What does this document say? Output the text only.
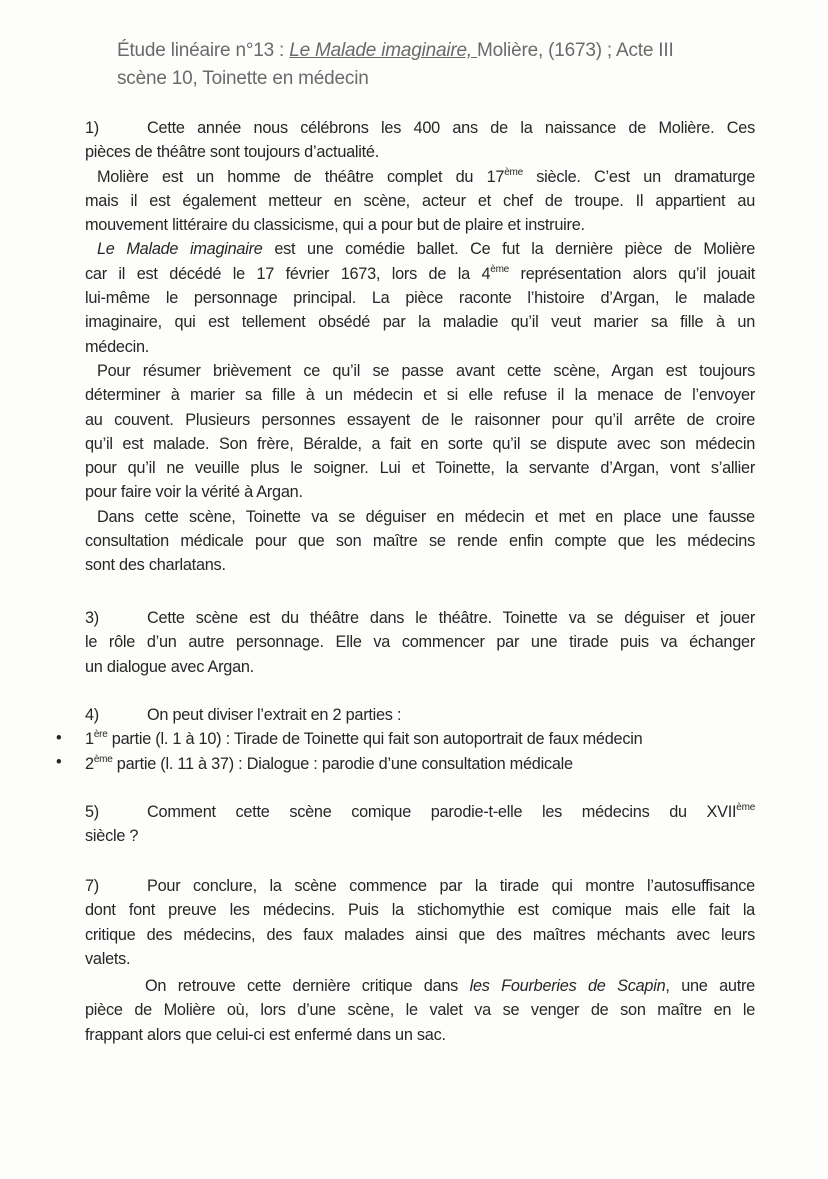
Étude linéaire n°13 : Le Malade imaginaire, Molière, (1673) ; Acte III
scène 10, Toinette en médecin
1)	Cette année nous célébrons les 400 ans de la naissance de Molière. Ces
pièces de théâtre sont toujours d’actualité.
Molière est un homme de théâtre complet du 17ème siècle. C’est un dramaturge
mais il est également metteur en scène, acteur et chef de troupe. Il appartient au
mouvement littéraire du classicisme, qui a pour but de plaire et instruire.
Le Malade imaginaire est une comédie ballet. Ce fut la dernière pièce de Molière
car il est décédé le 17 février 1673, lors de la 4ème représentation alors qu’il jouait
lui-même le personnage principal. La pièce raconte l’histoire d’Argan, le malade
imaginaire, qui est tellement obsédé par la maladie qu’il veut marier sa fille à un
médecin.
Pour résumer brièvement ce qu’il se passe avant cette scène, Argan est toujours
déterminer à marier sa fille à un médecin et si elle refuse il la menace de l’envoyer
au couvent. Plusieurs personnes essayent de le raisonner pour qu’il arrête de croire
qu’il est malade. Son frère, Béralde, a fait en sorte qu’il se dispute avec son médecin
pour qu’il ne veuille plus le soigner. Lui et Toinette, la servante d’Argan, vont s’allier
pour faire voir la vérité à Argan.
Dans cette scène, Toinette va se déguiser en médecin et met en place une fausse
consultation médicale pour que son maître se rende enfin compte que les médecins
sont des charlatans.
3)	Cette scène est du théâtre dans le théâtre. Toinette va se déguiser et jouer
le rôle d’un autre personnage. Elle va commencer par une tirade puis va échanger
un dialogue avec Argan.
4)	On peut diviser l’extrait en 2 parties :
1ère partie (l. 1 à 10) : Tirade de Toinette qui fait son autoportrait de faux médecin
2ème partie (l. 11 à 37) : Dialogue : parodie d’une consultation médicale
•
•
5)	Comment cette scène comique parodie-t-elle les médecins du XVIIème
siècle ?
7)	Pour conclure, la scène commence par la tirade qui montre l’autosuffisance
dont font preuve les médecins. Puis la stichomythie est comique mais elle fait la
critique des médecins, des faux malades ainsi que des maîtres méchants avec leurs
valets.
On retrouve cette dernière critique dans les Fourberies de Scapin, une autre
pièce de Molière où, lors d’une scène, le valet va se venger de son maître en le
frappant alors que celui-ci est enfermé dans un sac.
